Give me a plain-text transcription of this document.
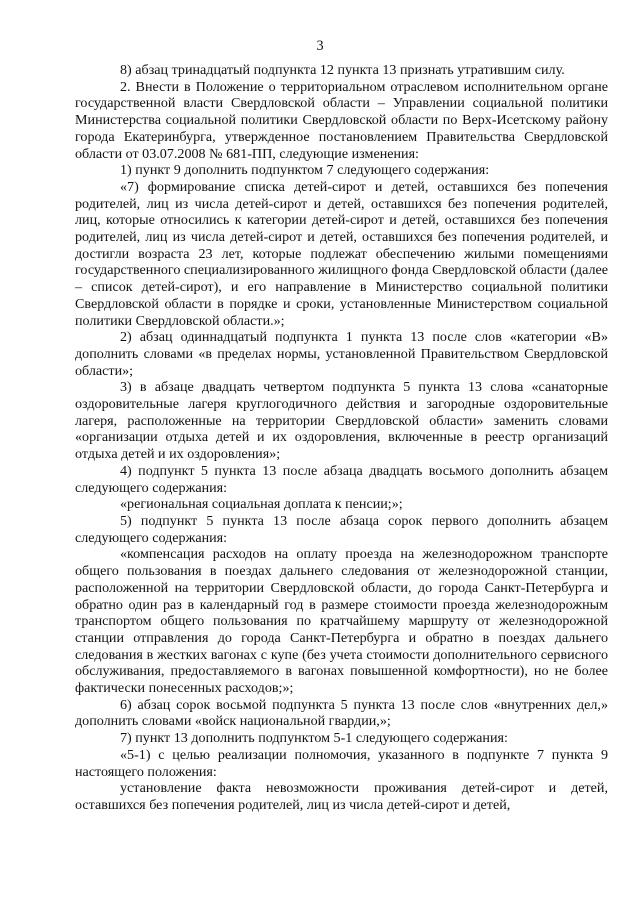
3

8) абзац тринадцатый подпункта 12 пункта 13 признать утратившим силу.

2. Внести в Положение о территориальном отраслевом исполнительном органе государственной власти Свердловской области – Управлении социальной политики Министерства социальной политики Свердловской области по Верх-Исетскому району города Екатеринбурга, утвержденное постановлением Правительства Свердловской области от 03.07.2008 № 681-ПП, следующие изменения:

1) пункт 9 дополнить подпунктом 7 следующего содержания:

«7) формирование списка детей-сирот и детей, оставшихся без попечения родителей, лиц из числа детей-сирот и детей, оставшихся без попечения родителей, лиц, которые относились к категории детей-сирот и детей, оставшихся без попечения родителей, лиц из числа детей-сирот и детей, оставшихся без попечения родителей, и достигли возраста 23 лет, которые подлежат обеспечению жилыми помещениями государственного специализированного жилищного фонда Свердловской области (далее – список детей-сирот), и его направление в Министерство социальной политики Свердловской области в порядке и сроки, установленные Министерством социальной политики Свердловской области.»;

2) абзац одиннадцатый подпункта 1 пункта 13 после слов «категории «В» дополнить словами «в пределах нормы, установленной Правительством Свердловской области»;

3) в абзаце двадцать четвертом подпункта 5 пункта 13 слова «санаторные оздоровительные лагеря круглогодичного действия и загородные оздоровительные лагеря, расположенные на территории Свердловской области» заменить словами «организации отдыха детей и их оздоровления, включенные в реестр организаций отдыха детей и их оздоровления»;

4) подпункт 5 пункта 13 после абзаца двадцать восьмого дополнить абзацем следующего содержания:

«региональная социальная доплата к пенсии;»;

5) подпункт 5 пункта 13 после абзаца сорок первого дополнить абзацем следующего содержания:

«компенсация расходов на оплату проезда на железнодорожном транспорте общего пользования в поездах дальнего следования от железнодорожной станции, расположенной на территории Свердловской области, до города Санкт-Петербурга и обратно один раз в календарный год в размере стоимости проезда железнодорожным транспортом общего пользования по кратчайшему маршруту от железнодорожной станции отправления до города Санкт-Петербурга и обратно в поездах дальнего следования в жестких вагонах с купе (без учета стоимости дополнительного сервисного обслуживания, предоставляемого в вагонах повышенной комфортности), но не более фактически понесенных расходов;»;

6) абзац сорок восьмой подпункта 5 пункта 13 после слов «внутренних дел,» дополнить словами «войск национальной гвардии,»;

7) пункт 13 дополнить подпунктом 5-1 следующего содержания:

«5-1) с целью реализации полномочия, указанного в подпункте 7 пункта 9 настоящего положения:

установление факта невозможности проживания детей-сирот и детей, оставшихся без попечения родителей, лиц из числа детей-сирот и детей,
